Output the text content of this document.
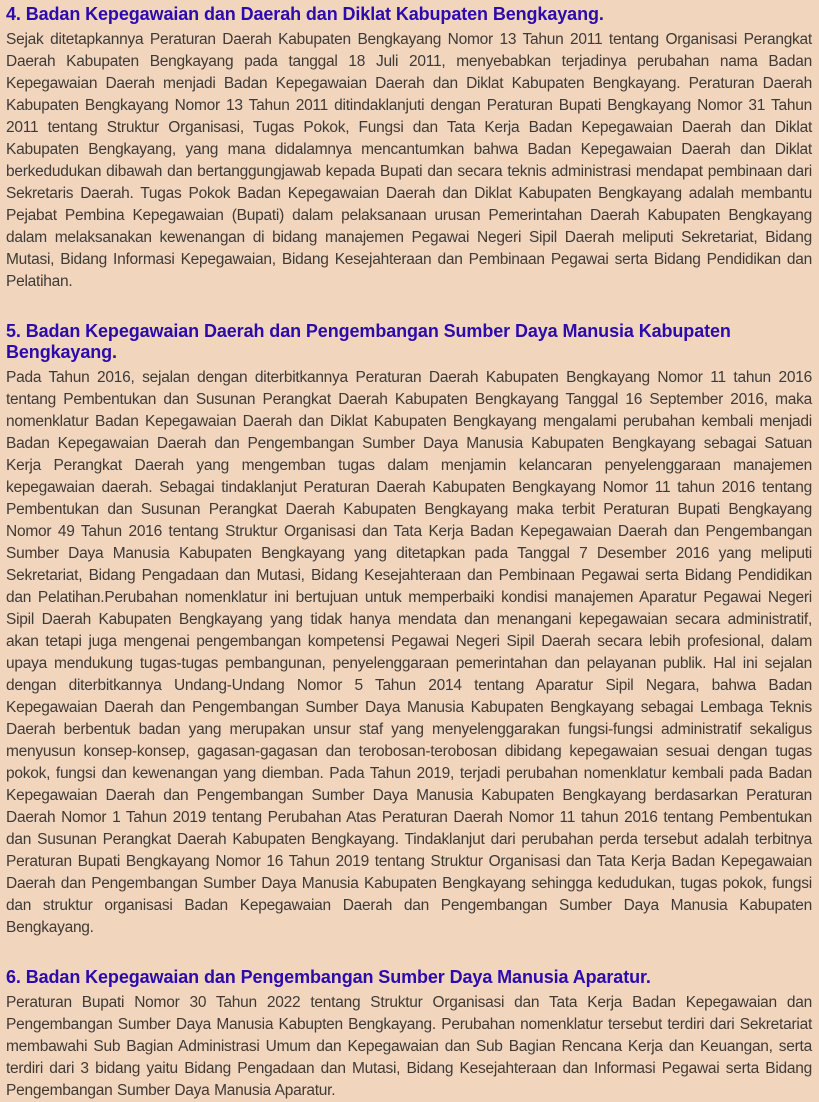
4. Badan Kepegawaian dan Daerah dan Diklat Kabupaten Bengkayang.

Sejak ditetapkannya Peraturan Daerah Kabupaten Bengkayang Nomor 13 Tahun 2011 tentang Organisasi Perangkat Daerah Kabupaten Bengkayang pada tanggal 18 Juli 2011, menyebabkan terjadinya perubahan nama Badan Kepegawaian Daerah menjadi Badan Kepegawaian Daerah dan Diklat Kabupaten Bengkayang. Peraturan Daerah Kabupaten Bengkayang Nomor 13 Tahun 2011 ditindaklanjuti dengan Peraturan Bupati Bengkayang Nomor 31 Tahun 2011 tentang Struktur Organisasi, Tugas Pokok, Fungsi dan Tata Kerja Badan Kepegawaian Daerah dan Diklat Kabupaten Bengkayang, yang mana didalamnya mencantumkan bahwa Badan Kepegawaian Daerah dan Diklat berkedudukan dibawah dan bertanggungjawab kepada Bupati dan secara teknis administrasi mendapat pembinaan dari Sekretaris Daerah. Tugas Pokok Badan Kepegawaian Daerah dan Diklat Kabupaten Bengkayang adalah membantu Pejabat Pembina Kepegawaian (Bupati) dalam pelaksanaan urusan Pemerintahan Daerah Kabupaten Bengkayang dalam melaksanakan kewenangan di bidang manajemen Pegawai Negeri Sipil Daerah meliputi Sekretariat, Bidang Mutasi, Bidang Informasi Kepegawaian, Bidang Kesejahteraan dan Pembinaan Pegawai serta Bidang Pendidikan dan Pelatihan.

5. Badan Kepegawaian Daerah dan Pengembangan Sumber Daya Manusia Kabupaten Bengkayang.

Pada Tahun 2016, sejalan dengan diterbitkannya Peraturan Daerah Kabupaten Bengkayang Nomor 11 tahun 2016 tentang Pembentukan dan Susunan Perangkat Daerah Kabupaten Bengkayang Tanggal 16 September 2016, maka nomenklatur Badan Kepegawaian Daerah dan Diklat Kabupaten Bengkayang mengalami perubahan kembali menjadi Badan Kepegawaian Daerah dan Pengembangan Sumber Daya Manusia Kabupaten Bengkayang sebagai Satuan Kerja Perangkat Daerah yang mengemban tugas dalam menjamin kelancaran penyelenggaraan manajemen kepegawaian daerah. Sebagai tindaklanjut Peraturan Daerah Kabupaten Bengkayang Nomor 11 tahun 2016 tentang Pembentukan dan Susunan Perangkat Daerah Kabupaten Bengkayang maka terbit Peraturan Bupati Bengkayang Nomor 49 Tahun 2016 tentang Struktur Organisasi dan Tata Kerja Badan Kepegawaian Daerah dan Pengembangan Sumber Daya Manusia Kabupaten Bengkayang yang ditetapkan pada Tanggal 7 Desember 2016 yang meliputi Sekretariat, Bidang Pengadaan dan Mutasi, Bidang Kesejahteraan dan Pembinaan Pegawai serta Bidang Pendidikan dan Pelatihan.Perubahan nomenklatur ini bertujuan untuk memperbaiki kondisi manajemen Aparatur Pegawai Negeri Sipil Daerah Kabupaten Bengkayang yang tidak hanya mendata dan menangani kepegawaian secara administratif, akan tetapi juga mengenai pengembangan kompetensi Pegawai Negeri Sipil Daerah secara lebih profesional, dalam upaya mendukung tugas-tugas pembangunan, penyelenggaraan pemerintahan dan pelayanan publik. Hal ini sejalan dengan diterbitkannya Undang-Undang Nomor 5 Tahun 2014 tentang Aparatur Sipil Negara, bahwa Badan Kepegawaian Daerah dan Pengembangan Sumber Daya Manusia Kabupaten Bengkayang sebagai Lembaga Teknis Daerah berbentuk badan yang merupakan unsur staf yang menyelenggarakan fungsi-fungsi administratif sekaligus menyusun konsep-konsep, gagasan-gagasan dan terobosan-terobosan dibidang kepegawaian sesuai dengan tugas pokok, fungsi dan kewenangan yang diemban. Pada Tahun 2019, terjadi perubahan nomenklatur kembali pada Badan Kepegawaian Daerah dan Pengembangan Sumber Daya Manusia Kabupaten Bengkayang berdasarkan Peraturan Daerah Nomor 1 Tahun 2019 tentang Perubahan Atas Peraturan Daerah Nomor 11 tahun 2016 tentang Pembentukan dan Susunan Perangkat Daerah Kabupaten Bengkayang. Tindaklanjut dari perubahan perda tersebut adalah terbitnya Peraturan Bupati Bengkayang Nomor 16 Tahun 2019 tentang Struktur Organisasi dan Tata Kerja Badan Kepegawaian Daerah dan Pengembangan Sumber Daya Manusia Kabupaten Bengkayang sehingga kedudukan, tugas pokok, fungsi dan struktur organisasi Badan Kepegawaian Daerah dan Pengembangan Sumber Daya Manusia Kabupaten Bengkayang.

6. Badan Kepegawaian dan Pengembangan Sumber Daya Manusia Aparatur.

Peraturan Bupati Nomor 30 Tahun 2022 tentang Struktur Organisasi dan Tata Kerja Badan Kepegawaian dan Pengembangan Sumber Daya Manusia Kabupten Bengkayang. Perubahan nomenklatur tersebut terdiri dari Sekretariat membawahi Sub Bagian Administrasi Umum dan Kepegawaian dan Sub Bagian Rencana Kerja dan Keuangan, serta terdiri dari 3 bidang yaitu Bidang Pengadaan dan Mutasi, Bidang Kesejahteraan dan Informasi Pegawai serta Bidang Pengembangan Sumber Daya Manusia Aparatur.
